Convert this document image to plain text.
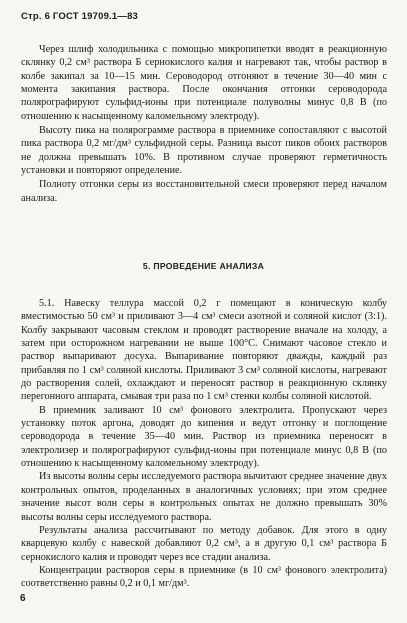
Стр. 6 ГОСТ 19709.1—83

Через шлиф холодильника с помощью микропипетки вводят в реакционную склянку 0,2 см³ раствора Б сернокислого калия и нагревают так, чтобы раствор в колбе закипал за 10—15 мин. Сероводород отгоняют в течение 30—40 мин с момента закипания раствора. После окончания отгонки сероводорода полярографируют сульфид-ионы при потенциале полуволны минус 0,8 В (по отношению к насыщенному каломельному электроду).

Высоту пика на полярограмме раствора в приемнике сопоставляют с высотой пика раствора 0,2 мг/дм³ сульфидной серы. Разница высот пиков обоих растворов не должна превышать 10%. В противном случае проверяют герметичность установки и повторяют определение.

Полноту отгонки серы из восстановительной смеси проверяют перед началом анализа.

5. ПРОВЕДЕНИЕ АНАЛИЗА

5.1. Навеску теллура массой 0,2 г помещают в коническую колбу вместимостью 50 см³ и приливают 3—4 см³ смеси азотной и соляной кислот (3:1). Колбу закрывают часовым стеклом и проводят растворение вначале на холоду, а затем при осторожном нагревании не выше 100°С. Снимают часовое стекло и раствор выпаривают досуха. Выпаривание повторяют дважды, каждый раз прибавляя по 1 см³ соляной кислоты. Приливают 3 см³ соляной кислоты, нагревают до растворения солей, охлаждают и переносят раствор в реакционную склянку перегонного аппарата, смывая три раза по 1 см³ стенки колбы соляной кислотой.

В приемник заливают 10 см³ фонового электролита. Пропускают через установку поток аргона, доводят до кипения и ведут отгонку и поглощение сероводорода в течение 35—40 мин. Раствор из приемника переносят в электролизер и полярографируют сульфид-ионы при потенциале минус 0,8 В (по отношению к насыщенному каломельному электроду).

Из высоты волны серы исследуемого раствора вычитают среднее значение двух контрольных опытов, проделанных в аналогичных условиях; при этом среднее значение высот волн серы в контрольных опытах не должно превышать 30% высоты волны серы исследуемого раствора.

Результаты анализа рассчитывают по методу добавок. Для этого в одну кварцевую колбу с навеской добавляют 0,2 см³, а в другую 0,1 см³ раствора Б сернокислого калия и проводят через все стадии анализа.

Концентрации растворов серы в приемнике (в 10 см³ фонового электролита) соответственно равны 0,2 и 0,1 мг/дм³.

6
